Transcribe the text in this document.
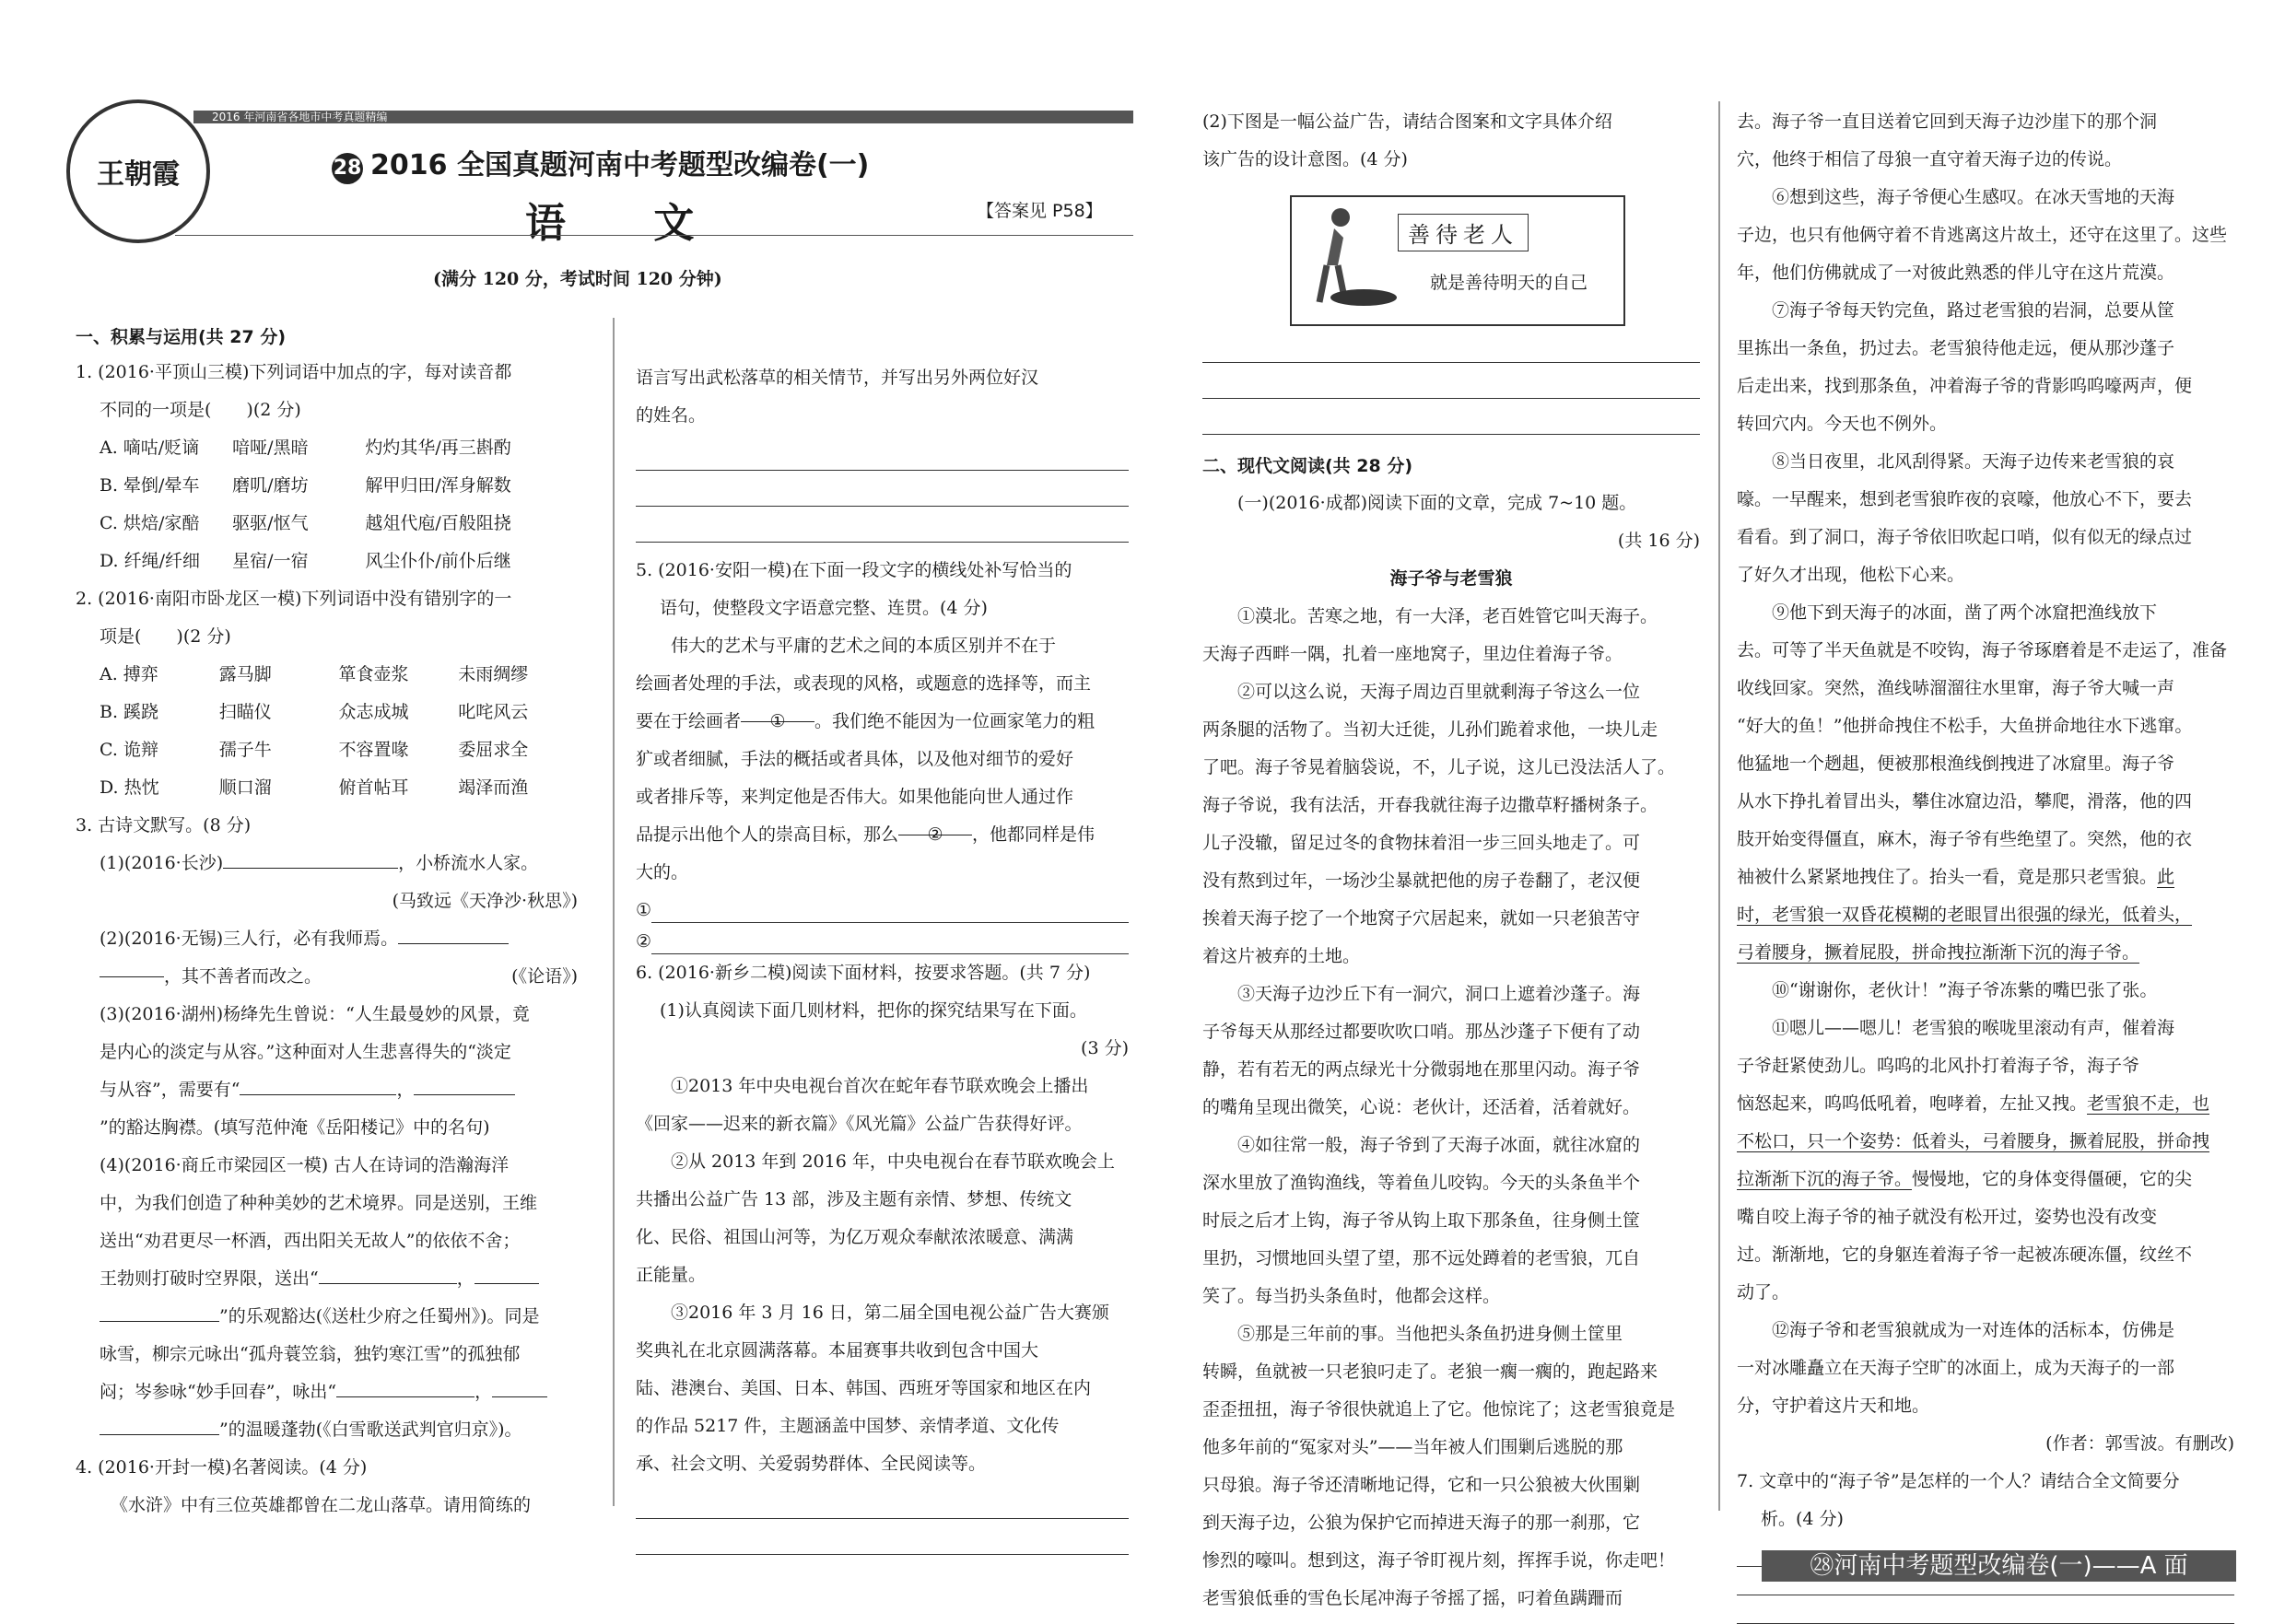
2016 年河南省各地市中考真题精编
王朝霞	28 2016 全国真题河南中考题型改编卷(一)
语 文	【答案见 P58】
(满分 120 分，考试时间 120 分钟)

一、积累与运用(共 27 分)

1. (2016·平顶山三模)下列词语中加点的字，每对读音都

不同的一项是(　　)(2 分)

A. 嘀咕/贬谪	喑哑/黑暗	灼灼其华/再三斟酌
B. 晕倒/晕车	磨叽/磨坊	解甲归田/浑身解数
C. 烘焙/家醅	驱驱/怄气	越俎代庖/百般阻挠
D. 纤绳/纤细	星宿/一宿	风尘仆仆/前仆后继

2. (2016·南阳市卧龙区一模)下列词语中没有错别字的一

项是(　　)(2 分)

A. 搏弈	露马脚	箪食壶浆	未雨绸缪
B. 蹊跷	扫瞄仪	众志成城	叱咤风云
C. 诡辩	孺子牛	不容置喙	委屈求全
D. 热忱	顺口溜	俯首帖耳	竭泽而渔

3. 古诗文默写。(8 分)

(1)(2016·长沙)	，小桥流水人家。

(马致远《天净沙·秋思》)

(2)(2016·无锡)三人行，必有我师焉。

，其不善者而改之。	(《论语》)

(3)(2016·湖州)杨绛先生曾说：“人生最曼妙的风景，竟

是内心的淡定与从容。”这种面对人生悲喜得失的“淡定

与从容”，需要有“	，

”的豁达胸襟。(填写范仲淹《岳阳楼记》中的名句)

(4)(2016·商丘市梁园区一模) 古人在诗词的浩瀚海洋

中，为我们创造了种种美妙的艺术境界。同是送别，王维

送出“劝君更尽一杯酒，西出阳关无故人”的依依不舍；

王勃则打破时空界限，送出“	，

”的乐观豁达(《送杜少府之任蜀州》)。同是

咏雪，柳宗元咏出“孤舟蓑笠翁，独钓寒江雪”的孤独郁

闷；岑参咏“妙手回春”，咏出“	，

”的温暖蓬勃(《白雪歌送武判官归京》)。

4. (2016·开封一模)名著阅读。(4 分)

《水浒》中有三位英雄都曾在二龙山落草。请用简练的

语言写出武松落草的相关情节，并写出另外两位好汉

的姓名。

5. (2016·安阳一模)在下面一段文字的横线处补写恰当的

语句，使整段文字语意完整、连贯。(4 分)

伟大的艺术与平庸的艺术之间的本质区别并不在于

绘画者处理的手法，或表现的风格，或题意的选择等，而主

要在于绘画者 ① 。我们绝不能因为一位画家笔力的粗

犷或者细腻，手法的概括或者具体，以及他对细节的爱好

或者排斥等，来判定他是否伟大。如果他能向世人通过作

品提示出他个人的崇高目标，那么 ② ，他都同样是伟

大的。

①
②

6. (2016·新乡二模)阅读下面材料，按要求答题。(共 7 分)

(1)认真阅读下面几则材料，把你的探究结果写在下面。

(3 分)

①2013 年中央电视台首次在蛇年春节联欢晚会上播出

《回家——迟来的新衣篇》《风光篇》公益广告获得好评。

②从 2013 年到 2016 年，中央电视台在春节联欢晚会上

共播出公益广告 13 部，涉及主题有亲情、梦想、传统文

化、民俗、祖国山河等，为亿万观众奉献浓浓暖意、满满

正能量。

③2016 年 3 月 16 日，第二届全国电视公益广告大赛颁

奖典礼在北京圆满落幕。本届赛事共收到包含中国大

陆、港澳台、美国、日本、韩国、西班牙等国家和地区在内

的作品 5217 件，主题涵盖中国梦、亲情孝道、文化传

承、社会文明、关爱弱势群体、全民阅读等。

(2)下图是一幅公益广告，请结合图案和文字具体介绍

该广告的设计意图。(4 分)

善待老人
就是善待明天的自己

二、现代文阅读(共 28 分)

(一)(2016·成都)阅读下面的文章，完成 7~10 题。

(共 16 分)

海子爷与老雪狼

①漠北。苦寒之地，有一大泽，老百姓管它叫天海子。

天海子西畔一隅，扎着一座地窝子，里边住着海子爷。

②可以这么说，天海子周边百里就剩海子爷这么一位

两条腿的活物了。当初大迁徙，儿孙们跪着求他，一块儿走

了吧。海子爷晃着脑袋说，不，儿子说，这儿已没法活人了。

海子爷说，我有法活，开春我就往海子边撒草籽播树条子。

儿子没辙，留足过冬的食物抹着泪一步三回头地走了。可

没有熬到过年，一场沙尘暴就把他的房子卷翻了，老汉便

挨着天海子挖了一个地窝子穴居起来，就如一只老狼苦守

着这片被弃的土地。

③天海子边沙丘下有一洞穴，洞口上遮着沙蓬子。海

子爷每天从那经过都要吹吹口哨。那丛沙蓬子下便有了动

静，若有若无的两点绿光十分微弱地在那里闪动。海子爷

的嘴角呈现出微笑，心说：老伙计，还活着，活着就好。

④如往常一般，海子爷到了天海子冰面，就往冰窟的

深水里放了渔钩渔线，等着鱼儿咬钩。今天的头条鱼半个

时辰之后才上钩，海子爷从钩上取下那条鱼，往身侧土筐

里扔，习惯地回头望了望，那不远处蹲着的老雪狼，兀自

笑了。每当扔头条鱼时，他都会这样。

⑤那是三年前的事。当他把头条鱼扔进身侧土筐里

转瞬，鱼就被一只老狼叼走了。老狼一瘸一瘸的，跑起路来

歪歪扭扭，海子爷很快就追上了它。他惊诧了；这老雪狼竟是

他多年前的“冤家对头”——当年被人们围剿后逃脱的那

只母狼。海子爷还清晰地记得，它和一只公狼被大伙围剿

到天海子边，公狼为保护它而掉进天海子的那一刹那，它

惨烈的嚎叫。想到这，海子爷盯视片刻，挥挥手说，你走吧！

老雪狼低垂的雪色长尾冲海子爷摇了摇，叼着鱼蹒跚而

去。海子爷一直目送着它回到天海子边沙崖下的那个洞

穴，他终于相信了母狼一直守着天海子边的传说。

⑥想到这些，海子爷便心生感叹。在冰天雪地的天海

子边，也只有他俩守着不肯逃离这片故土，还守在这里了。这些

年，他们仿佛就成了一对彼此熟悉的伴儿守在这片荒漠。

⑦海子爷每天钓完鱼，路过老雪狼的岩洞，总要从筐

里拣出一条鱼，扔过去。老雪狼待他走远，便从那沙蓬子

后走出来，找到那条鱼，冲着海子爷的背影呜呜嚎两声，便

转回穴内。今天也不例外。

⑧当日夜里，北风刮得紧。天海子边传来老雪狼的哀

嚎。一早醒来，想到老雪狼昨夜的哀嚎，他放心不下，要去

看看。到了洞口，海子爷依旧吹起口哨，似有似无的绿点过

了好久才出现，他松下心来。

⑨他下到天海子的冰面，凿了两个冰窟把渔线放下

去。可等了半天鱼就是不咬钩，海子爷琢磨着是不走运了，准备

收线回家。突然，渔线哧溜溜往水里窜，海子爷大喊一声

“好大的鱼！”他拼命拽住不松手，大鱼拼命地往水下逃窜。

他猛地一个趔趄，便被那根渔线倒拽进了冰窟里。海子爷

从水下挣扎着冒出头，攀住冰窟边沿，攀爬，滑落，他的四

肢开始变得僵直，麻木，海子爷有些绝望了。突然，他的衣

袖被什么紧紧地拽住了。抬头一看，竟是那只老雪狼。此

时，老雪狼一双昏花模糊的老眼冒出很强的绿光，低着头，

弓着腰身，撅着屁股，拼命拽拉渐渐下沉的海子爷。

⑩“谢谢你，老伙计！”海子爷冻紫的嘴巴张了张。

⑪嗯儿——嗯儿！老雪狼的喉咙里滚动有声，催着海

子爷赶紧使劲儿。呜呜的北风扑打着海子爷，海子爷

恼怒起来，呜呜低吼着，咆哮着，左扯又拽。老雪狼不走，也

不松口，只一个姿势：低着头，弓着腰身，撅着屁股，拼命拽

拉渐渐下沉的海子爷。慢慢地，它的身体变得僵硬，它的尖

嘴自咬上海子爷的袖子就没有松开过，姿势也没有改变

过。渐渐地，它的身躯连着海子爷一起被冻硬冻僵，纹丝不

动了。

⑫海子爷和老雪狼就成为一对连体的活标本，仿佛是

一对冰雕矗立在天海子空旷的冰面上，成为天海子的一部

分，守护着这片天和地。

(作者：郭雪波。有删改)

7. 文章中的“海子爷”是怎样的一个人？请结合全文简要分

析。(4 分)

㉘河南中考题型改编卷(一)——A 面
